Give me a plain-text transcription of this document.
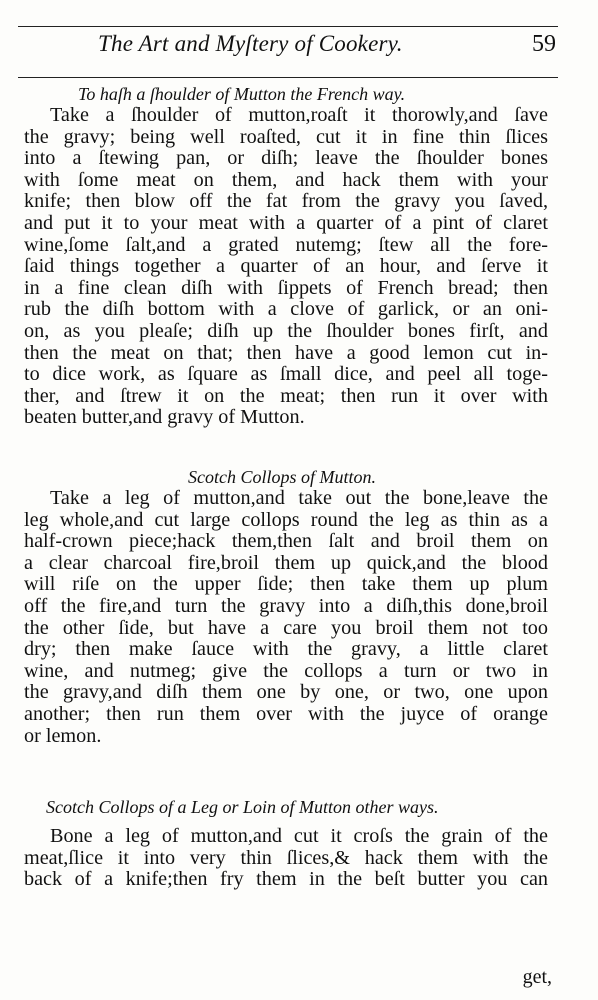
The Art and Myſtery of Cookery.	59
To haſh a ſhoulder of Mutton the French way.
Take a ſhoulder of mutton,roaſt it thorowly,and ſave
the gravy; being well roaſted, cut it in fine thin ſlices
into a ſtewing pan, or diſh; leave the ſhoulder bones
with ſome meat on them, and hack them with your
knife; then blow off the fat from the gravy you ſaved,
and put it to your meat with a quarter of a pint of claret
wine,ſome ſalt,and a grated nutemg; ſtew all the fore-
ſaid things together a quarter of an hour, and ſerve it
in a fine clean diſh with ſippets of French bread; then
rub the diſh bottom with a clove of garlick, or an oni-
on, as you pleaſe; diſh up the ſhoulder bones firſt, and
then the meat on that; then have a good lemon cut in-
to dice work, as ſquare as ſmall dice, and peel all toge-
ther, and ſtrew it on the meat; then run it over with
beaten butter,and gravy of Mutton.
Scotch Collops of Mutton.
Take a leg of mutton,and take out the bone,leave the
leg whole,and cut large collops round the leg as thin as a
half-crown piece;hack them,then ſalt and broil them on
a clear charcoal fire,broil them up quick,and the blood
will riſe on the upper ſide; then take them up plum
off the fire,and turn the gravy into a diſh,this done,broil
the other ſide, but have a care you broil them not too
dry; then make ſauce with the gravy, a little claret
wine, and nutmeg; give the collops a turn or two in
the gravy,and diſh them one by one, or two, one upon
another; then run them over with the juyce of orange
or lemon.
Scotch Collops of a Leg or Loin of Mutton other ways.
Bone a leg of mutton,and cut it croſs the grain of the
meat,ſlice it into very thin ſlices,& hack them with the
back of a knife;then fry them in the beſt butter you can
get,
